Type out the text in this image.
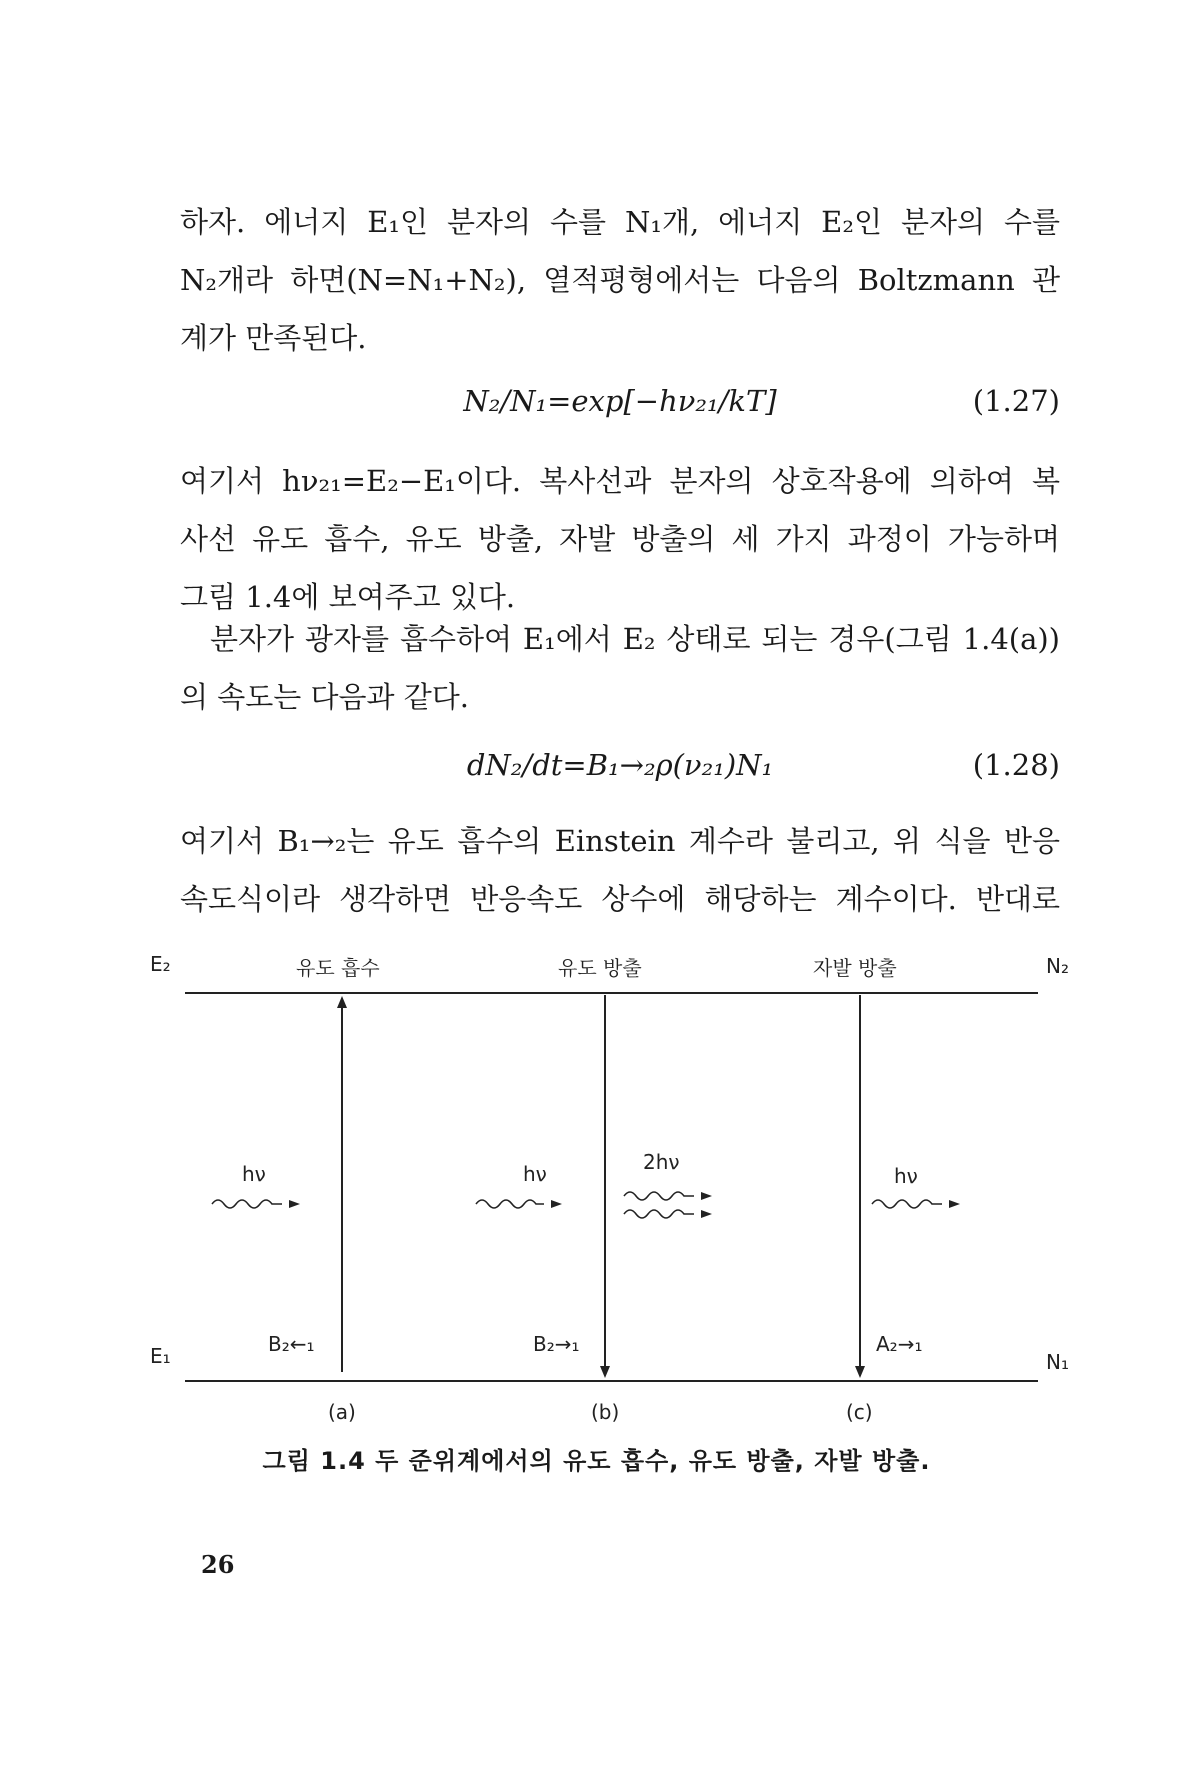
하자. 에너지 E₁인 분자의 수를 N₁개, 에너지 E₂인 분자의 수를
N₂개라 하면(N=N₁+N₂), 열적평형에서는 다음의 Boltzmann 관
계가 만족된다.
N₂/N₁=exp[−hν₂₁/kT]	(1.27)
여기서 hν₂₁=E₂−E₁이다. 복사선과 분자의 상호작용에 의하여 복
사선 유도 흡수, 유도 방출, 자발 방출의 세 가지 과정이 가능하며
그림 1.4에 보여주고 있다.
분자가 광자를 흡수하여 E₁에서 E₂ 상태로 되는 경우(그림 1.4(a))
의 속도는 다음과 같다.
dN₂/dt=B₁→₂ρ(ν₂₁)N₁	(1.28)
여기서 B₁→₂는 유도 흡수의 Einstein 계수라 불리고, 위 식을 반응
속도식이라 생각하면 반응속도 상수에 해당하는 계수이다. 반대로
E₂
E₁
N₂
N₁
유도 흡수	유도 방출	자발 방출
hν	hν	2hν
hν
B₂←₁	B₂→₁	A₂→₁
(a)	(b)	(c)
그림 1.4 두 준위계에서의 유도 흡수, 유도 방출, 자발 방출.
26
